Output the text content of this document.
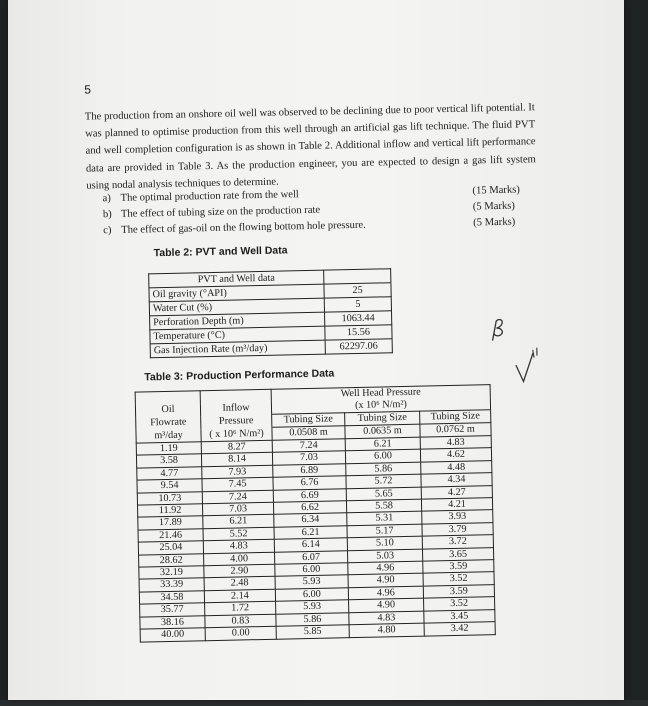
5
The production from an onshore oil well was observed to be declining due to poor vertical lift potential. It was planned to optimise production from this well through an artificial gas lift technique. The fluid PVT and well completion configuration is as shown in Table 2. Additional inflow and vertical lift performance data are provided in Table 3. As the production engineer, you are expected to design a gas lift system using nodal analysis techniques to determine.
a) The optimal production rate from the well	(15 Marks)
b) The effect of tubing size on the production rate	(5 Marks)
c) The effect of gas-oil on the flowing bottom hole pressure.	(5 Marks)
Table 2: PVT and Well Data
PVT and Well data	
Oil gravity (°API)	25
Water Cut (%)	5
Perforation Depth (m)	1063.44
Temperature (°C)	15.56
Gas Injection Rate (m³/day)	62297.06
Table 3: Production Performance Data
		Well Head Pressure		
Oil	Inflow	(x 10⁶ N/m²)		
Flowrate	Pressure	Tubing Size	Tubing Size	Tubing Size
m³/day	( x 10⁶ N/m²)	0.0508 m	0.0635 m	0.0762 m
1.19	8.27	7.24	6.21	4.83
3.58	8.14	7.03	6.00	4.62
4.77	7.93	6.89	5.86	4.48
9.54	7.45	6.76	5.72	4.34
10.73	7.24	6.69	5.65	4.27
11.92	7.03	6.62	5.58	4.21
17.89	6.21	6.34	5.31	3.93
21.46	5.52	6.21	5.17	3.79
25.04	4.83	6.14	5.10	3.72
28.62	4.00	6.07	5.03	3.65
32.19	2.90	6.00	4.96	3.59
33.39	2.48	5.93	4.90	3.52
34.58	2.14	6.00	4.96	3.59
35.77	1.72	5.93	4.90	3.52
38.16	0.83	5.86	4.83	3.45
40.00	0.00	5.85	4.80	3.42
